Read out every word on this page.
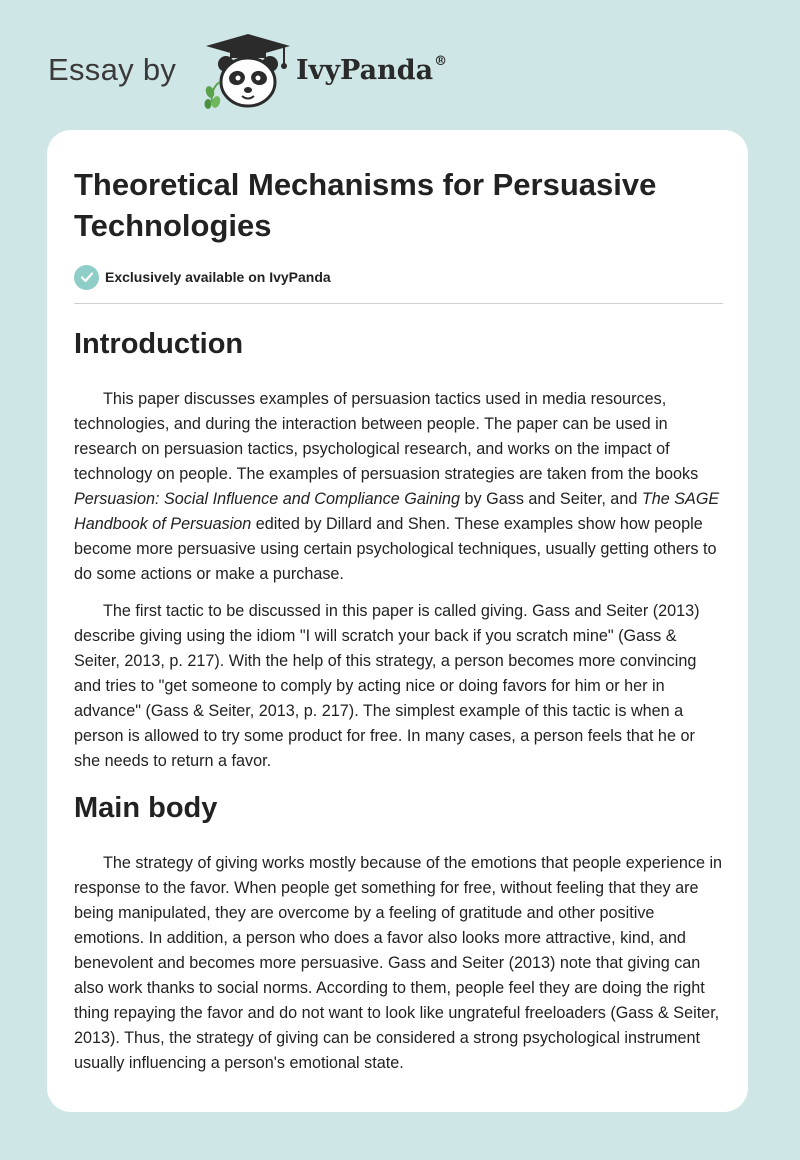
Essay by	IvyPanda®
Theoretical Mechanisms for Persuasive Technologies
Exclusively available on IvyPanda
Introduction

This paper discusses examples of persuasion tactics used in media resources, technologies, and during the interaction between people. The paper can be used in research on persuasion tactics, psychological research, and works on the impact of technology on people. The examples of persuasion strategies are taken from the books Persuasion: Social Influence and Compliance Gaining by Gass and Seiter, and The SAGE Handbook of Persuasion edited by Dillard and Shen. These examples show how people become more persuasive using certain psychological techniques, usually getting others to do some actions or make a purchase.

The first tactic to be discussed in this paper is called giving. Gass and Seiter (2013) describe giving using the idiom "I will scratch your back if you scratch mine" (Gass & Seiter, 2013, p. 217). With the help of this strategy, a person becomes more convincing and tries to "get someone to comply by acting nice or doing favors for him or her in advance" (Gass & Seiter, 2013, p. 217). The simplest example of this tactic is when a person is allowed to try some product for free. In many cases, a person feels that he or she needs to return a favor.

Main body

The strategy of giving works mostly because of the emotions that people experience in response to the favor. When people get something for free, without feeling that they are being manipulated, they are overcome by a feeling of gratitude and other positive emotions. In addition, a person who does a favor also looks more attractive, kind, and benevolent and becomes more persuasive. Gass and Seiter (2013) note that giving can also work thanks to social norms. According to them, people feel they are doing the right thing repaying the favor and do not want to look like ungrateful freeloaders (Gass & Seiter, 2013). Thus, the strategy of giving can be considered a strong psychological instrument usually influencing a person's emotional state.
